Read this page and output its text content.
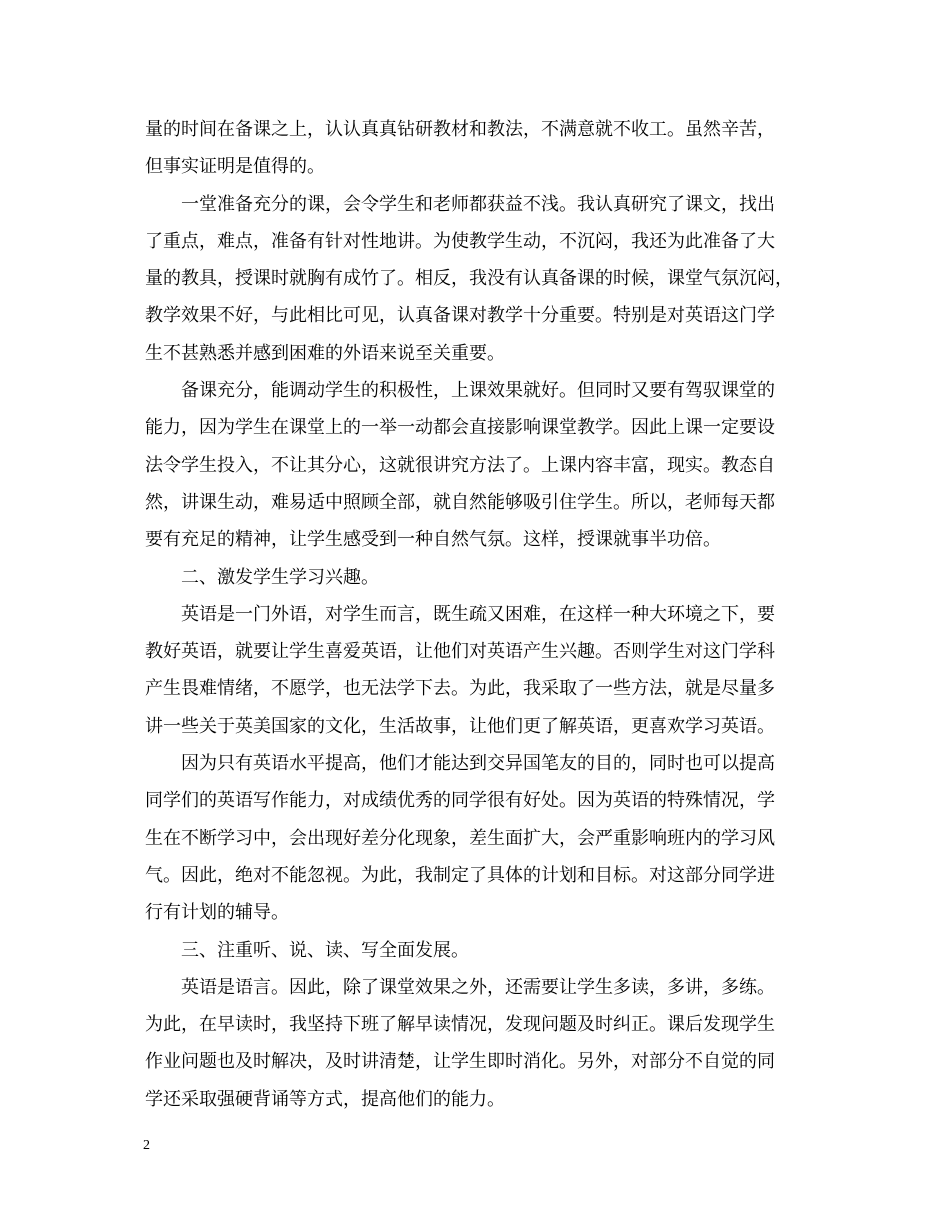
量的时间在备课之上，认认真真钻研教材和教法，不满意就不收工。虽然辛苦，
但事实证明是值得的。
一堂准备充分的课，会令学生和老师都获益不浅。我认真研究了课文，找出
了重点，难点，准备有针对性地讲。为使教学生动，不沉闷，我还为此准备了大
量的教具，授课时就胸有成竹了。相反，我没有认真备课的时候，课堂气氛沉闷，
教学效果不好，与此相比可见，认真备课对教学十分重要。特别是对英语这门学
生不甚熟悉并感到困难的外语来说至关重要。
备课充分，能调动学生的积极性，上课效果就好。但同时又要有驾驭课堂的
能力，因为学生在课堂上的一举一动都会直接影响课堂教学。因此上课一定要设
法令学生投入，不让其分心，这就很讲究方法了。上课内容丰富，现实。教态自
然，讲课生动，难易适中照顾全部，就自然能够吸引住学生。所以，老师每天都
要有充足的精神，让学生感受到一种自然气氛。这样，授课就事半功倍。
二、激发学生学习兴趣。
英语是一门外语，对学生而言，既生疏又困难，在这样一种大环境之下，要
教好英语，就要让学生喜爱英语，让他们对英语产生兴趣。否则学生对这门学科
产生畏难情绪，不愿学，也无法学下去。为此，我采取了一些方法，就是尽量多
讲一些关于英美国家的文化，生活故事，让他们更了解英语，更喜欢学习英语。
因为只有英语水平提高，他们才能达到交异国笔友的目的，同时也可以提高
同学们的英语写作能力，对成绩优秀的同学很有好处。因为英语的特殊情况，学
生在不断学习中，会出现好差分化现象，差生面扩大，会严重影响班内的学习风
气。因此，绝对不能忽视。为此，我制定了具体的计划和目标。对这部分同学进
行有计划的辅导。
三、注重听、说、读、写全面发展。
英语是语言。因此，除了课堂效果之外，还需要让学生多读，多讲，多练。
为此，在早读时，我坚持下班了解早读情况，发现问题及时纠正。课后发现学生
作业问题也及时解决，及时讲清楚，让学生即时消化。另外，对部分不自觉的同
学还采取强硬背诵等方式，提高他们的能力。
2
